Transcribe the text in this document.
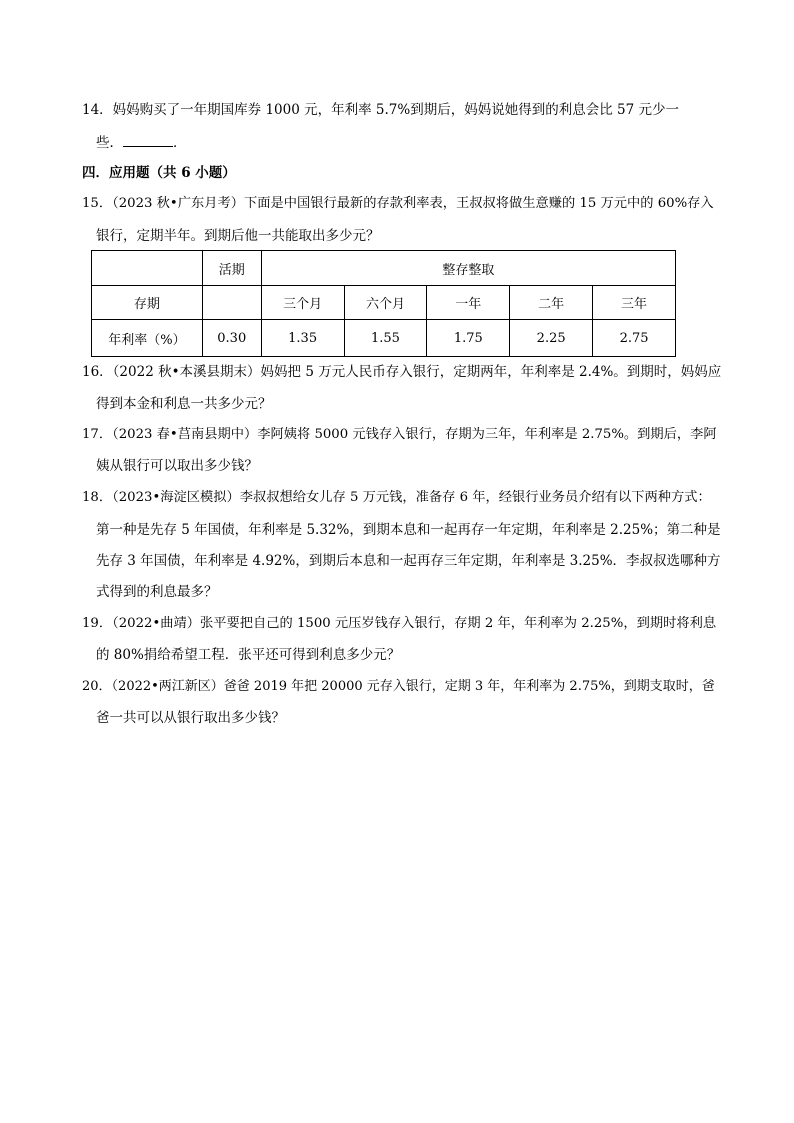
14．妈妈购买了一年期国库券 1000 元，年利率 5.7%到期后，妈妈说她得到的利息会比 57 元少一
些．	．
四．应用题（共 6 小题）
15．（2023 秋•广东月考）下面是中国银行最新的存款利率表，王叔叔将做生意赚的 15 万元中的 60%存入
银行，定期半年。到期后他一共能取出多少元？
	活期	整存整取				
存期		三个月	六个月	一年	二年	三年
年利率（%）	0.30	1.35	1.55	1.75	2.25	2.75
16．（2022 秋•本溪县期末）妈妈把 5 万元人民币存入银行，定期两年，年利率是 2.4%。到期时，妈妈应
得到本金和利息一共多少元？
17．（2023 春•莒南县期中）李阿姨将 5000 元钱存入银行，存期为三年，年利率是 2.75%。到期后，李阿
姨从银行可以取出多少钱？
18．（2023•海淀区模拟）李叔叔想给女儿存 5 万元钱，准备存 6 年，经银行业务员介绍有以下两种方式：
第一种是先存 5 年国债，年利率是 5.32%，到期本息和一起再存一年定期，年利率是 2.25%；第二种是
先存 3 年国债，年利率是 4.92%，到期后本息和一起再存三年定期，年利率是 3.25%．李叔叔选哪种方
式得到的利息最多？
19．（2022•曲靖）张平要把自己的 1500 元压岁钱存入银行，存期 2 年，年利率为 2.25%，到期时将利息
的 80%捐给希望工程．张平还可得到利息多少元？
20．（2022•两江新区）爸爸 2019 年把 20000 元存入银行，定期 3 年，年利率为 2.75%，到期支取时，爸
爸一共可以从银行取出多少钱？
